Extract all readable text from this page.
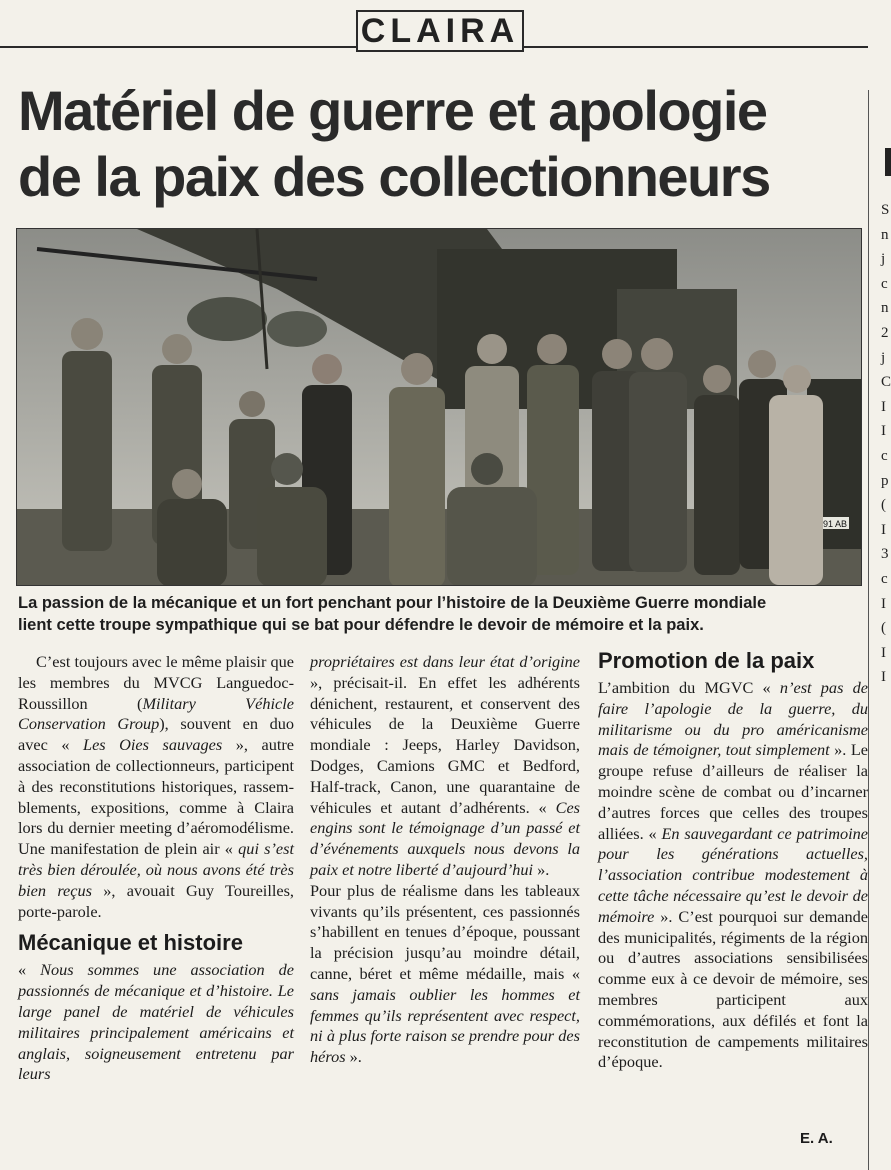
CLAIRA
Matériel de guerre et apologie
de la paix des collectionneurs
91 AB

La passion de la mécanique et un fort penchant pour l’histoire de la Deuxième Guerre mondiale
lient cette troupe sympathique qui se bat pour défendre le devoir de mémoire et la paix.

C’est toujours avec le même plaisir que les membres du MVCG Languedoc-Roussillon (Military Véhicle Conservation Group), souvent en duo avec « Les Oies sauvages », autre association de collectionneurs, participent à des reconstitutions historiques, rassemblements, expositions, comme à Claira lors du dernier meeting d’aéromodélisme. Une manifestation de plein air « qui s’est très bien déroulée, où nous avons été très bien reçus », avouait Guy Toureilles, porte-parole.

Mécanique et histoire

« Nous sommes une association de passionnés de mécanique et d’histoire. Le large panel de matériel de véhicules militaires principalement américains et anglais, soigneusement entretenu par leurs

propriétaires est dans leur état d’origine », précisait-il. En effet les adhérents dénichent, restaurent, et conservent des véhicules de la Deuxième Guerre mondiale : Jeeps, Harley Davidson, Dodges, Camions GMC et Bedford, Half-track, Canon, une quarantaine de véhicules et autant d’adhérents. « Ces engins sont le témoignage d’un passé et d’événements auxquels nous devons la paix et notre liberté d’aujourd’hui ».

Pour plus de réalisme dans les tableaux vivants qu’ils présentent, ces passionnés s’habillent en tenues d’époque, poussant la précision jusqu’au moindre détail, canne, béret et même médaille, mais « sans jamais oublier les hommes et femmes qu’ils représentent avec respect, ni à plus forte raison se prendre pour des héros ».

Promotion de la paix

L’ambition du MGVC « n’est pas de faire l’apologie de la guerre, du militarisme ou du pro américanisme mais de témoigner, tout simplement ». Le groupe refuse d’ailleurs de réaliser la moindre scène de combat ou d’incarner d’autres forces que celles des troupes alliées. « En sauvegardant ce patrimoine pour les générations actuelles, l’association contribue modestement à cette tâche nécessaire qu’est le devoir de mémoire ». C’est pourquoi sur demande des municipalités, régiments de la région ou d’autres associations sensibilisées comme eux à ce devoir de mémoire, ses membres participent aux commémorations, aux défilés et font la reconstitution de campements militaires d’époque.

E. A.
S
n
j
c
n
2
j
C
I
I
c
p
(
I
3
c
I
(
I
I
